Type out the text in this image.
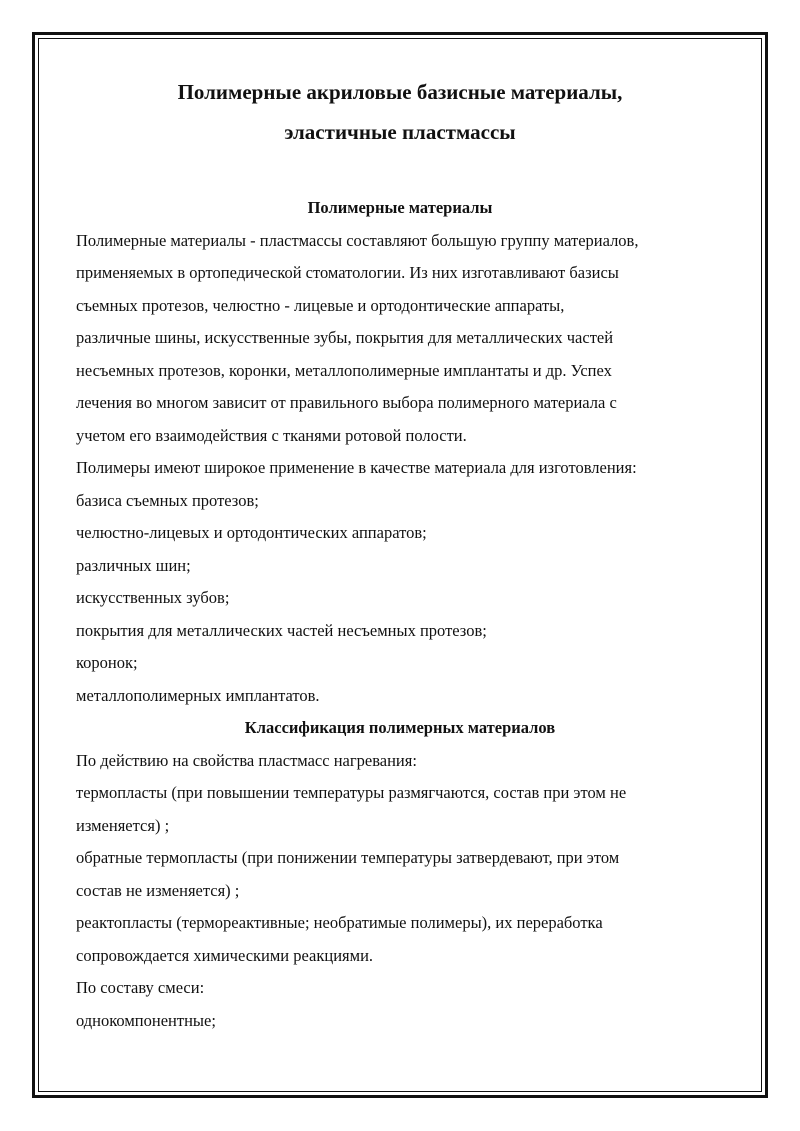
Полимерные акриловые базисные материалы,

эластичные пластмассы

Полимерные материалы

Полимерные материалы - пластмассы составляют большую группу материалов,

применяемых в ортопедической стоматологии. Из них изготавливают базисы

съемных протезов, челюстно - лицевые и ортодонтические аппараты,

различные шины, искусственные зубы, покрытия для металлических частей

несъемных протезов, коронки, металлополимерные имплантаты и др. Успех

лечения во многом зависит от правильного выбора полимерного материала с

учетом его взаимодействия с тканями ротовой полости.

Полимеры имеют широкое применение в качестве материала для изготовления:

базиса съемных протезов;

челюстно-лицевых и ортодонтических аппаратов;

различных шин;

искусственных зубов;

покрытия для металлических частей несъемных протезов;

коронок;

металлополимерных имплантатов.

Классификация полимерных материалов

По действию на свойства пластмасс нагревания:

термопласты (при повышении температуры размягчаются, состав при этом не

изменяется) ;

обратные термопласты (при понижении температуры затвердевают, при этом

состав не изменяется) ;

реактопласты (термореактивные; необратимые полимеры), их переработка

сопровождается химическими реакциями.

По составу смеси:

однокомпонентные;
